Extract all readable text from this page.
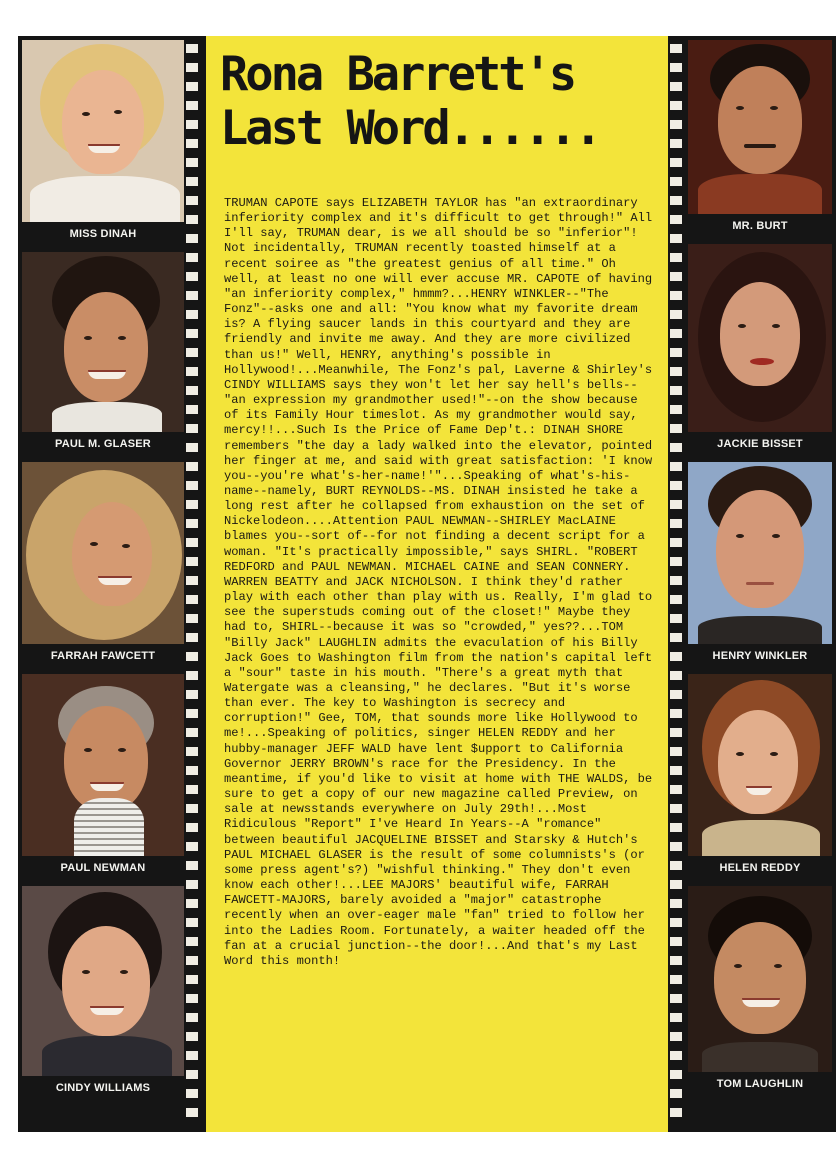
MISS DINAH
PAUL M. GLASER
FARRAH FAWCETT
PAUL NEWMAN
CINDY WILLIAMS
Rona Barrett's
Last Word......

TRUMAN CAPOTE says ELIZABETH TAYLOR has "an extraordinary inferiority complex and it's difficult to get through!" All I'll say, TRUMAN dear, is we all should be so "inferior"! Not incidentally, TRUMAN recently toasted himself at a recent soiree as "the greatest genius of all time." Oh well, at least no one will ever accuse MR. CAPOTE of having "an inferiority complex," hmmm?...HENRY WINKLER--"The Fonz"--asks one and all: "You know what my favorite dream is? A flying saucer lands in this courtyard and they are friendly and invite me away. And they are more civilized than us!" Well, HENRY, anything's possible in Hollywood!...Meanwhile, The Fonz's pal, Laverne & Shirley's CINDY WILLIAMS says they won't let her say hell's bells--"an expression my grandmother used!"--on the show because of its Family Hour timeslot. As my grandmother would say, mercy!!...Such Is the Price of Fame Dep't.: DINAH SHORE remembers "the day a lady walked into the elevator, pointed her finger at me, and said with great satisfaction: 'I know you--you're what's-her-name!'"...Speaking of what's-his-name--namely, BURT REYNOLDS--MS. DINAH insisted he take a long rest after he collapsed from exhaustion on the set of Nickelodeon....Attention PAUL NEWMAN--SHIRLEY MacLAINE blames you--sort of--for not finding a decent script for a woman. "It's practically impossible," says SHIRL. "ROBERT REDFORD and PAUL NEWMAN. MICHAEL CAINE and SEAN CONNERY. WARREN BEATTY and JACK NICHOLSON. I think they'd rather play with each other than play with us. Really, I'm glad to see the superstuds coming out of the closet!" Maybe they had to, SHIRL--because it was so "crowded," yes??...TOM "Billy Jack" LAUGHLIN admits the evaculation of his Billy Jack Goes to Washington film from the nation's capital left a "sour" taste in his mouth. "There's a great myth that Watergate was a cleansing," he declares. "But it's worse than ever. The key to Washington is secrecy and corruption!" Gee, TOM, that sounds more like Hollywood to me!...Speaking of politics, singer HELEN REDDY and her hubby-manager JEFF WALD have lent $upport to California Governor JERRY BROWN's race for the Presidency. In the meantime, if you'd like to visit at home with THE WALDS, be sure to get a copy of our new magazine called Preview, on sale at newsstands everywhere on July 29th!...Most Ridiculous "Report" I've Heard In Years--A "romance" between beautiful JACQUELINE BISSET and Starsky & Hutch's PAUL MICHAEL GLASER is the result of some columnists's (or some press agent's?) "wishful thinking." They don't even know each other!...LEE MAJORS' beautiful wife, FARRAH FAWCETT-MAJORS, barely avoided a "major" catastrophe recently when an over-eager male "fan" tried to follow her into the Ladies Room. Fortunately, a waiter headed off the fan at a crucial junction--the door!...And that's my Last Word this month!

MR. BURT
JACKIE BISSET
HENRY WINKLER
HELEN REDDY
TOM LAUGHLIN
